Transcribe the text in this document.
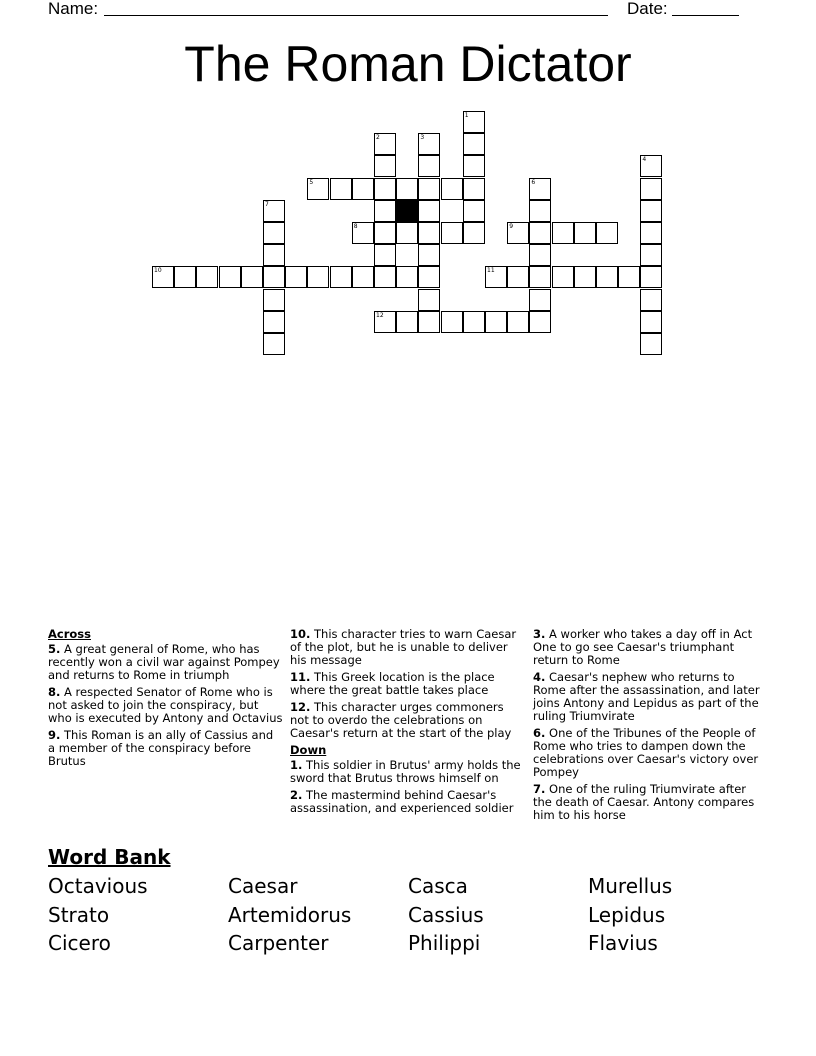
Name:	Date:
The Roman Dictator
5
8	9
10	11
12
1
2	3
4
6
7
Across
5. A great general of Rome, who has recently won a civil war against Pompey and returns to Rome in triumph
8. A respected Senator of Rome who is not asked to join the conspiracy, but who is executed by Antony and Octavius
9. This Roman is an ally of Cassius and a member of the conspiracy before Brutus
10. This character tries to warn Caesar of the plot, but he is unable to deliver his message
11. This Greek location is the place where the great battle takes place
12. This character urges commoners not to overdo the celebrations on Caesar's return at the start of the play
Down
1. This soldier in Brutus' army holds the sword that Brutus throws himself on
2. The mastermind behind Caesar's assassination, and experienced soldier
3. A worker who takes a day off in Act One to go see Caesar's triumphant return to Rome
4. Caesar's nephew who returns to Rome after the assassination, and later joins Antony and Lepidus as part of the ruling Triumvirate
6. One of the Tribunes of the People of Rome who tries to dampen down the celebrations over Caesar's victory over Pompey
7. One of the ruling Triumvirate after the death of Caesar. Antony compares him to his horse
Word Bank
Octavious	Caesar	Casca	Murellus
Strato	Artemidorus	Cassius	Lepidus
Cicero	Carpenter	Philippi	Flavius
